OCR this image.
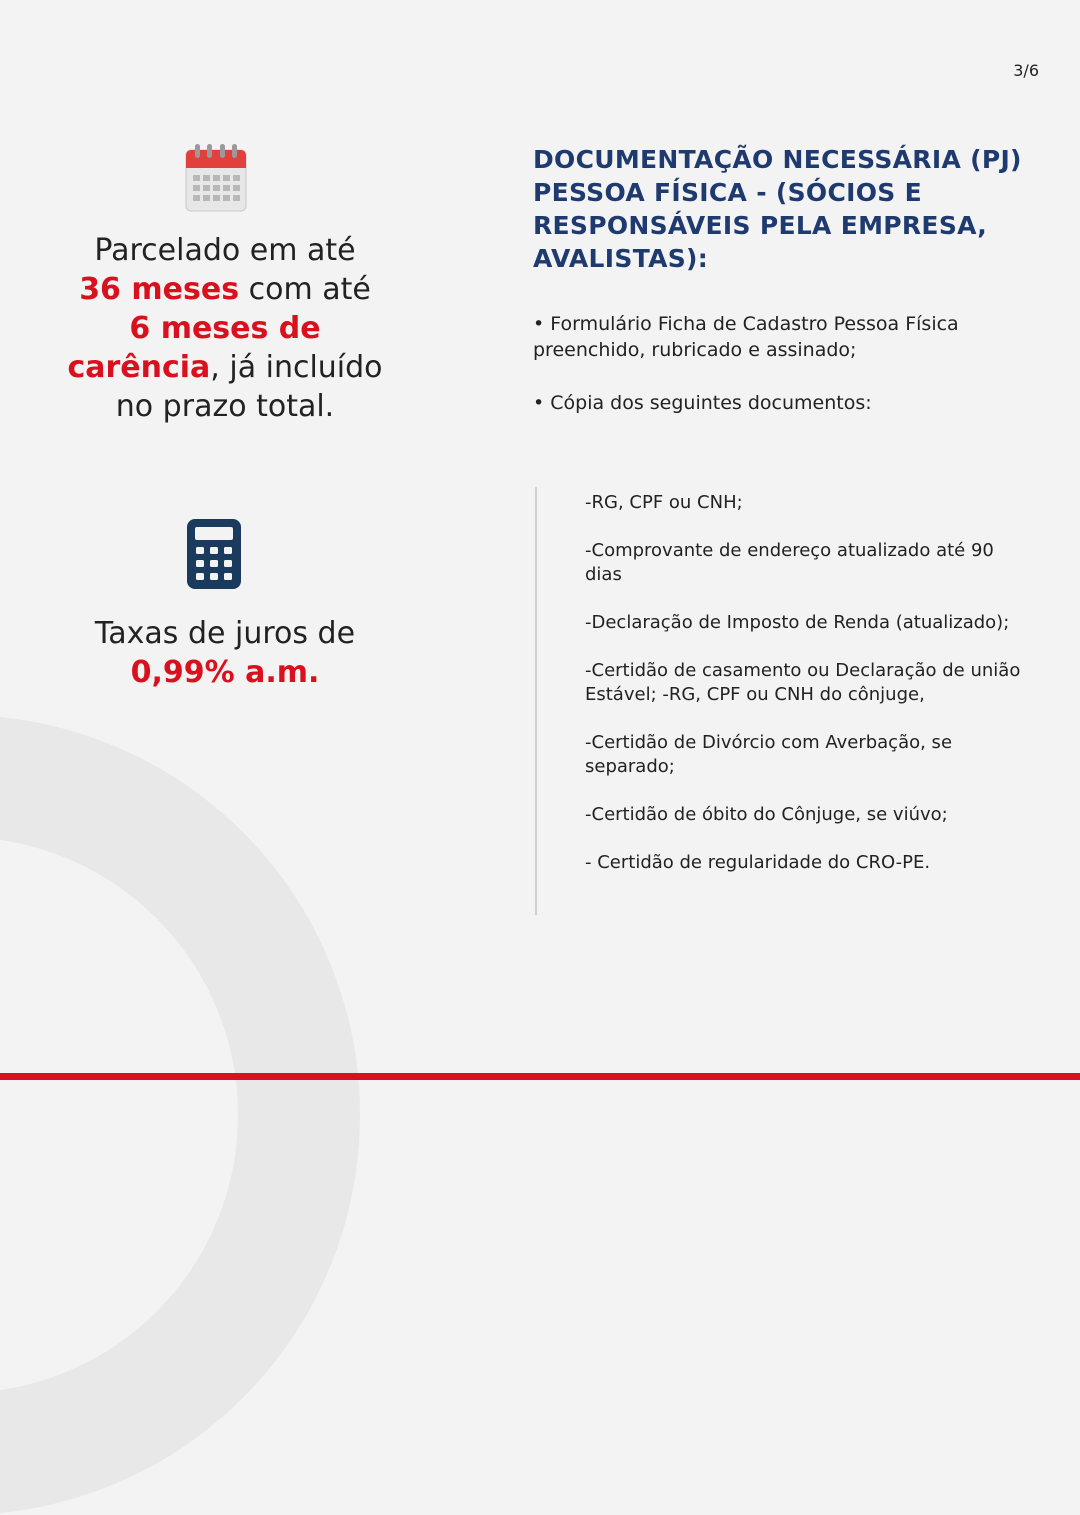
3/6
Parcelado em até
36 meses com até
6 meses de carência, já incluído no prazo total.
Taxas de juros de
0,99% a.m.
DOCUMENTAÇÃO NECESSÁRIA (PJ) PESSOA FÍSICA - (SÓCIOS E RESPONSÁVEIS PELA EMPRESA, AVALISTAS):
• Formulário Ficha de Cadastro Pessoa Física preenchido, rubricado e assinado;
• Cópia dos seguintes documentos:
-RG, CPF ou CNH;
-Comprovante de endereço atualizado até 90 dias
-Declaração de Imposto de Renda (atualizado);
-Certidão de casamento ou Declaração de união Estável; -RG, CPF ou CNH do cônjuge,
-Certidão de Divórcio com Averbação, se separado;
-Certidão de óbito do Cônjuge, se viúvo;
- Certidão de regularidade do CRO-PE.
